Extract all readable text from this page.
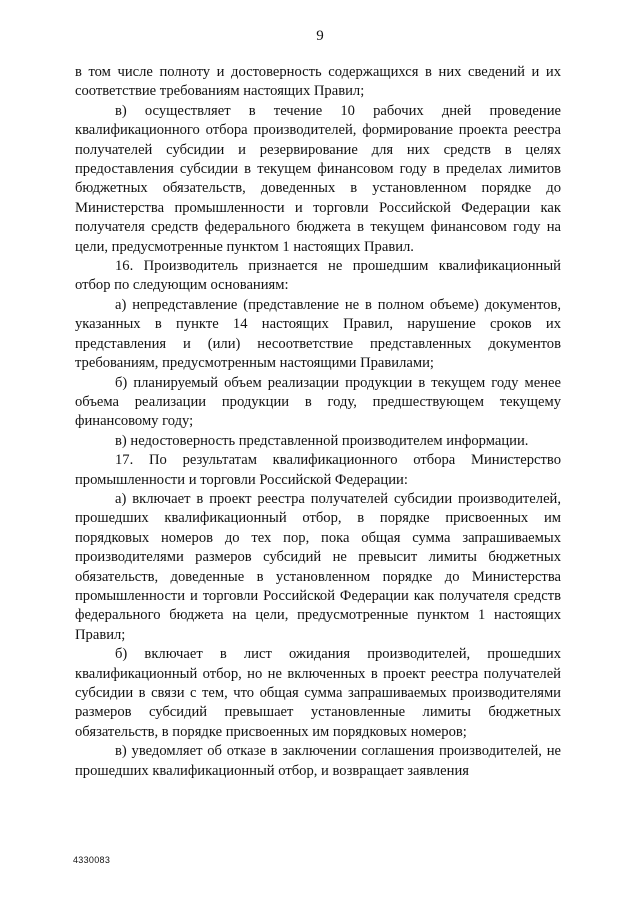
9

в том числе полноту и достоверность содержащихся в них сведений и их соответствие требованиям настоящих Правил;

в) осуществляет в течение 10 рабочих дней проведение квалификационного отбора производителей, формирование проекта реестра получателей субсидии и резервирование для них средств в целях предоставления субсидии в текущем финансовом году в пределах лимитов бюджетных обязательств, доведенных в установленном порядке до Министерства промышленности и торговли Российской Федерации как получателя средств федерального бюджета в текущем финансовом году на цели, предусмотренные пунктом 1 настоящих Правил.

16. Производитель признается не прошедшим квалификационный отбор по следующим основаниям:

а) непредставление (представление не в полном объеме) документов, указанных в пункте 14 настоящих Правил, нарушение сроков их представления и (или) несоответствие представленных документов требованиям, предусмотренным настоящими Правилами;

б) планируемый объем реализации продукции в текущем году менее объема реализации продукции в году, предшествующем текущему финансовому году;

в) недостоверность представленной производителем информации.

17. По результатам квалификационного отбора Министерство промышленности и торговли Российской Федерации:

а) включает в проект реестра получателей субсидии производителей, прошедших квалификационный отбор, в порядке присвоенных им порядковых номеров до тех пор, пока общая сумма запрашиваемых производителями размеров субсидий не превысит лимиты бюджетных обязательств, доведенные в установленном порядке до Министерства промышленности и торговли Российской Федерации как получателя средств федерального бюджета на цели, предусмотренные пунктом 1 настоящих Правил;

б) включает в лист ожидания производителей, прошедших квалификационный отбор, но не включенных в проект реестра получателей субсидии в связи с тем, что общая сумма запрашиваемых производителями размеров субсидий превышает установленные лимиты бюджетных обязательств, в порядке присвоенных им порядковых номеров;

в) уведомляет об отказе в заключении соглашения производителей, не прошедших квалификационный отбор, и возвращает заявления

4330083
